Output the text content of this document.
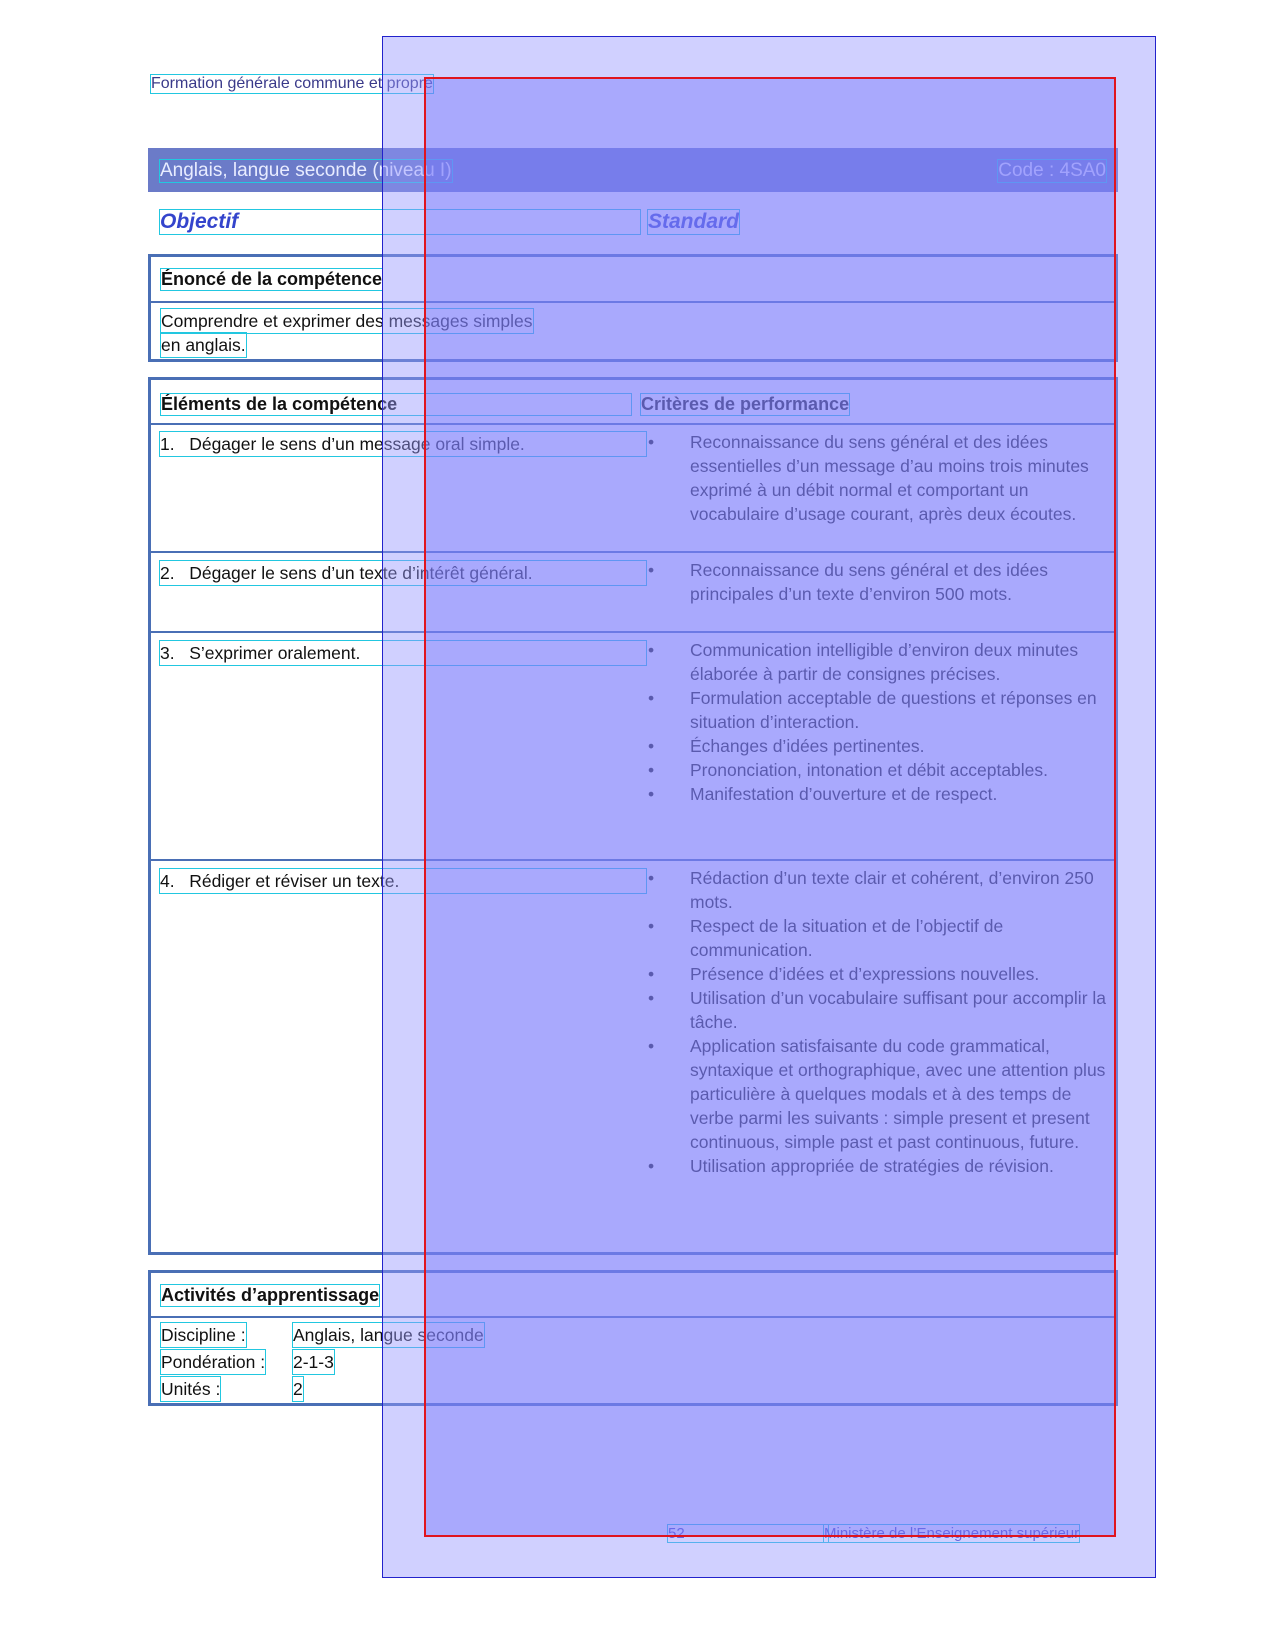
Formation générale commune et propre
Anglais, langue seconde (niveau I)	Code : 4SA0
Objectif	Standard
Énoncé de la compétence
Comprendre et exprimer des messages simples
en anglais.
Éléments de la compétence	Critères de performance
1. Dégager le sens d’un message oral simple.	• Reconnaissance du sens général et des idées essentielles d’un message d’au moins trois minutes exprimé à un débit normal et comportant un vocabulaire d’usage courant, après deux écoutes.
2. Dégager le sens d’un texte d’intérêt général.	• Reconnaissance du sens général et des idées principales d’un texte d’environ 500 mots.
3. S’exprimer oralement.	• Communication intelligible d’environ deux minutes élaborée à partir de consignes précises.
• Formulation acceptable de questions et réponses en situation d’interaction.
• Échanges d’idées pertinentes.
• Prononciation, intonation et débit acceptables.
• Manifestation d’ouverture et de respect.
4. Rédiger et réviser un texte.	• Rédaction d’un texte clair et cohérent, d’environ 250 mots.
• Respect de la situation et de l’objectif de communication.
• Présence d’idées et d’expressions nouvelles.
• Utilisation d’un vocabulaire suffisant pour accomplir la tâche.
• Application satisfaisante du code grammatical, syntaxique et orthographique, avec une attention plus particulière à quelques modals et à des temps de verbe parmi les suivants : simple present et present continuous, simple past et past continuous, future.
• Utilisation appropriée de stratégies de révision.
Activités d’apprentissage
Discipline :	Anglais, langue seconde
Pondération : 2-1-3
Unités :	2
52	Ministère de l’Enseignement supérieur
